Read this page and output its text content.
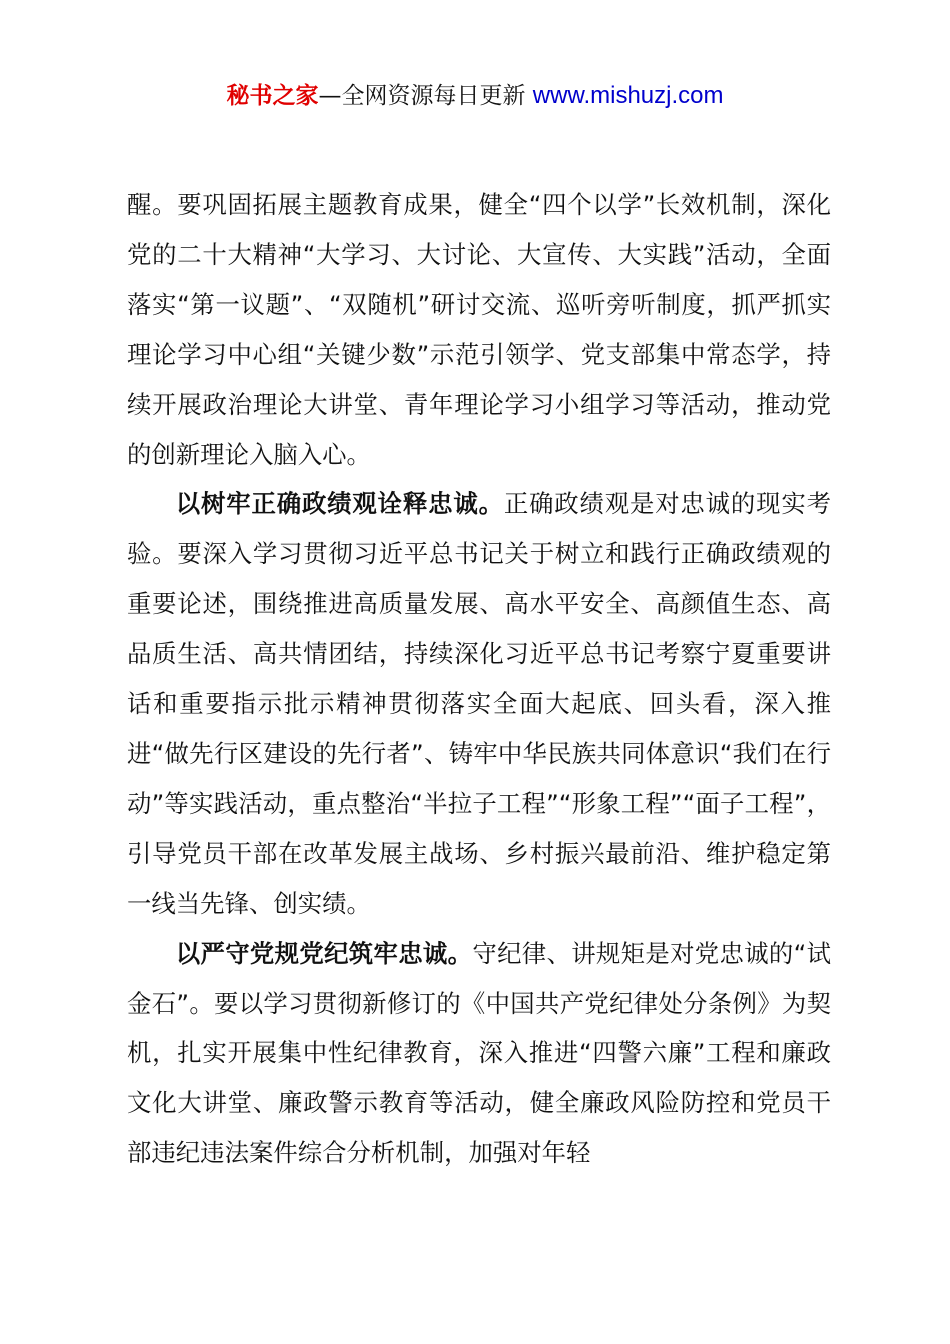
秘书之家—全网资源每日更新 www.mishuzj.com

醒。要巩固拓展主题教育成果，健全“四个以学”长效机制，深化党的二十大精神“大学习、大讨论、大宣传、大实践”活动，全面落实“第一议题”、“双随机”研讨交流、巡听旁听制度，抓严抓实理论学习中心组“关键少数”示范引领学、党支部集中常态学，持续开展政治理论大讲堂、青年理论学习小组学习等活动，推动党的创新理论入脑入心。

以树牢正确政绩观诠释忠诚。正确政绩观是对忠诚的现实考验。要深入学习贯彻习近平总书记关于树立和践行正确政绩观的重要论述，围绕推进高质量发展、高水平安全、高颜值生态、高品质生活、高共情团结，持续深化习近平总书记考察宁夏重要讲话和重要指示批示精神贯彻落实全面大起底、回头看，深入推进“做先行区建设的先行者”、铸牢中华民族共同体意识“我们在行动”等实践活动，重点整治“半拉子工程”“形象工程”“面子工程”，引导党员干部在改革发展主战场、乡村振兴最前沿、维护稳定第一线当先锋、创实绩。

以严守党规党纪筑牢忠诚。守纪律、讲规矩是对党忠诚的“试金石”。要以学习贯彻新修订的《中国共产党纪律处分条例》为契机，扎实开展集中性纪律教育，深入推进“四警六廉”工程和廉政文化大讲堂、廉政警示教育等活动，健全廉政风险防控和党员干部违纪违法案件综合分析机制，加强对年轻
